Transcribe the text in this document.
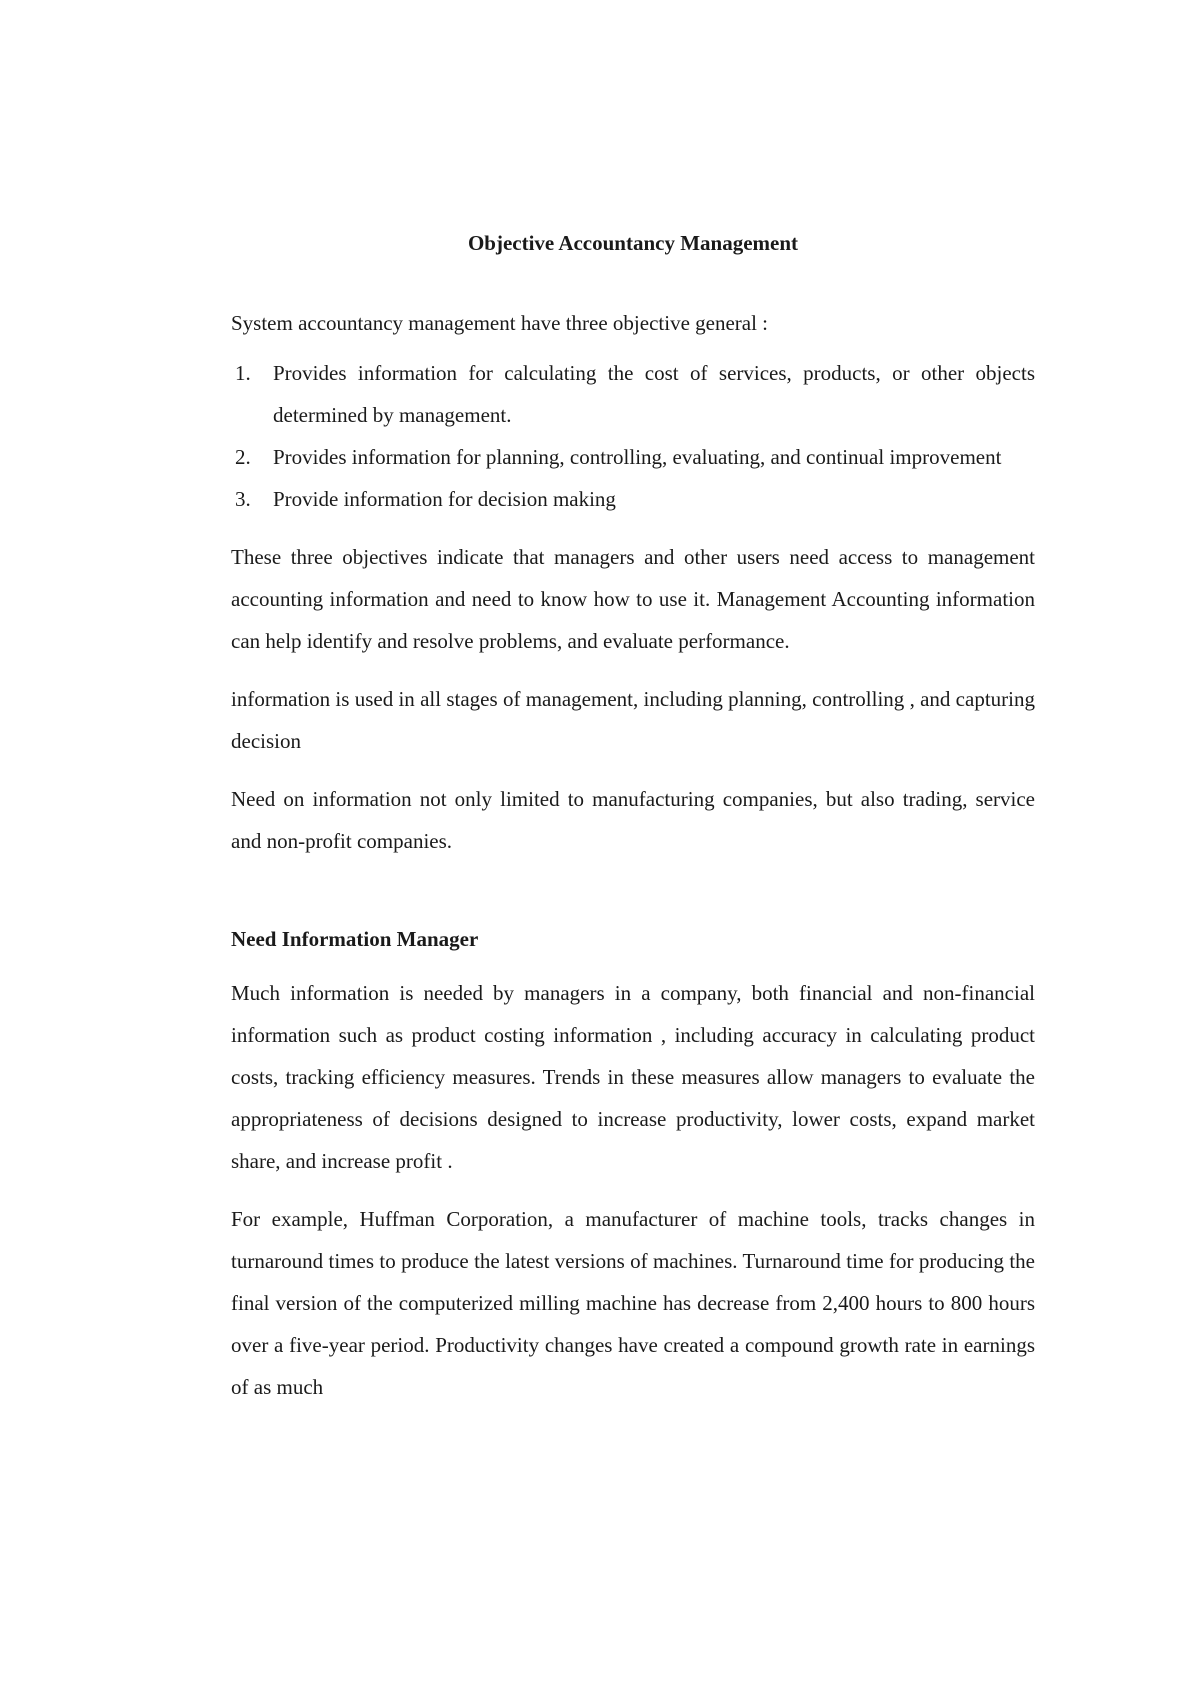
Objective Accountancy Management
System accountancy management have three objective general :
1. Provides information for calculating the cost of services, products, or other objects determined by management.
2. Provides information for planning, controlling, evaluating, and continual improvement
3. Provide information for decision making

These three objectives indicate that managers and other users need access to management accounting information and need to know how to use it. Management Accounting information can help identify and resolve problems, and evaluate performance.

information is used in all stages of management, including planning, controlling , and capturing decision

Need on information not only limited to manufacturing companies, but also trading, service and non-profit companies.

Need Information Manager

Much information is needed by managers in a company, both financial and non-financial information such as product costing information , including accuracy in calculating product costs, tracking efficiency measures. Trends in these measures allow managers to evaluate the appropriateness of decisions designed to increase productivity, lower costs, expand market share, and increase profit .

For example, Huffman Corporation, a manufacturer of machine tools, tracks changes in turnaround times to produce the latest versions of machines. Turnaround time for producing the final version of the computerized milling machine has decrease from 2,400 hours to 800 hours over a five-year period. Productivity changes have created a compound growth rate in earnings of as much
